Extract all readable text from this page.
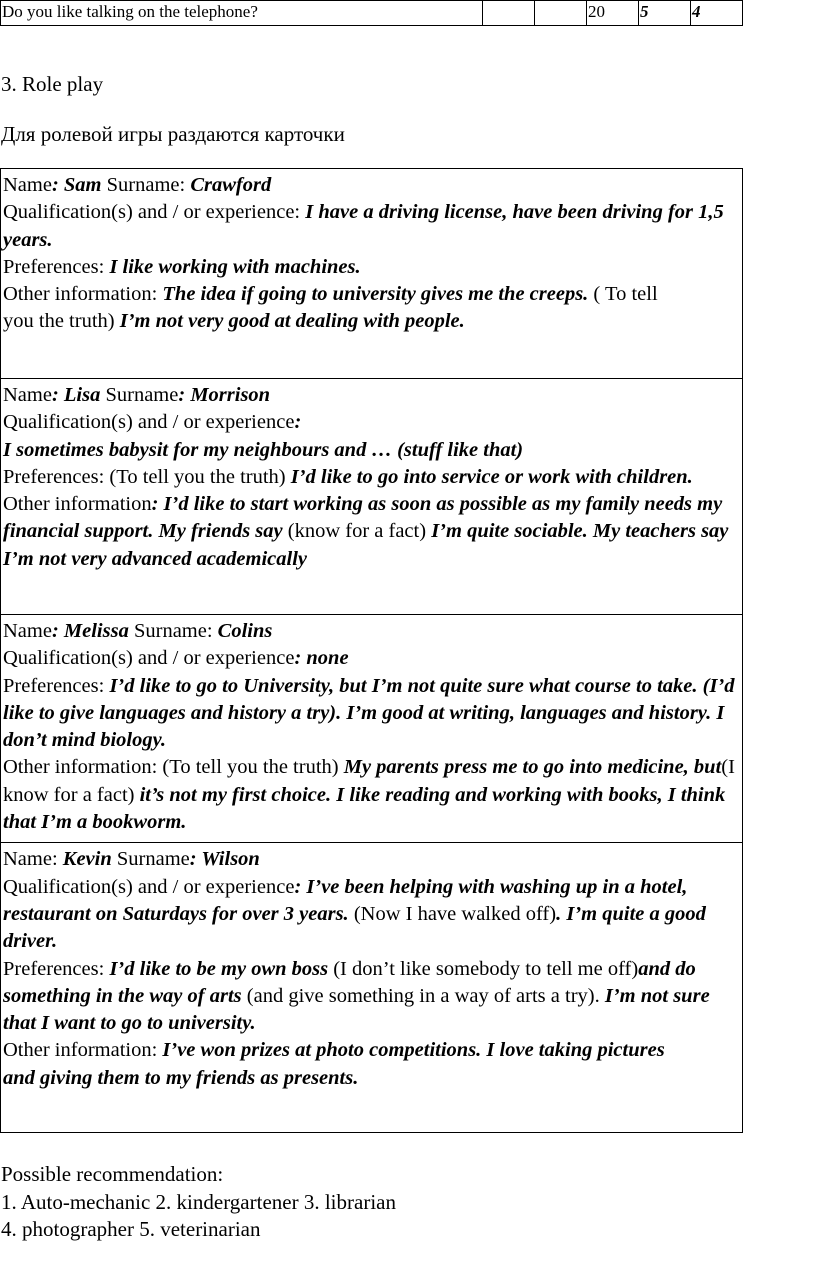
Do you like talking on the telephone?			20	5	4
3. Role play
Для ролевой игры раздаются карточки
Name: Sam Surname: Crawford
Qualification(s) and / or experience: I have a driving license, have been driving for 1,5 years.
Preferences: I like working with machines.
Other information: The idea if going to university gives me the creeps. ( To tell
you the truth) I’m not very good at dealing with people.

Name: Lisa Surname: Morrison
Qualification(s) and / or experience:
I sometimes babysit for my neighbours and … (stuff like that)
Preferences: (To tell you the truth) I’d like to go into service or work with children.
Other information: I’d like to start working as soon as possible as my family needs my financial support. My friends say (know for a fact) I’m quite sociable. My teachers say I’m not very advanced academically

Name: Melissa Surname: Colins
Qualification(s) and / or experience: none
Preferences: I’d like to go to University, but I’m not quite sure what course to take. (I’d like to give languages and history a try). I’m good at writing, languages and history. I don’t mind biology.
Other information: (To tell you the truth) My parents press me to go into medicine, but(I know for a fact) it’s not my first choice. I like reading and working with books, I think that I’m a bookworm.

Name: Kevin Surname: Wilson
Qualification(s) and / or experience: I’ve been helping with washing up in a hotel, restaurant on Saturdays for over 3 years. (Now I have walked off). I’m quite a good driver.
Preferences: I’d like to be my own boss (I don’t like somebody to tell me off)and do something in the way of arts (and give something in a way of arts a try). I’m not sure that I want to go to university.
Other information: I’ve won prizes at photo competitions. I love taking pictures
and giving them to my friends as presents.
Possible recommendation:
1. Auto-mechanic 2. kindergartener 3. librarian
4. photographer 5. veterinarian
